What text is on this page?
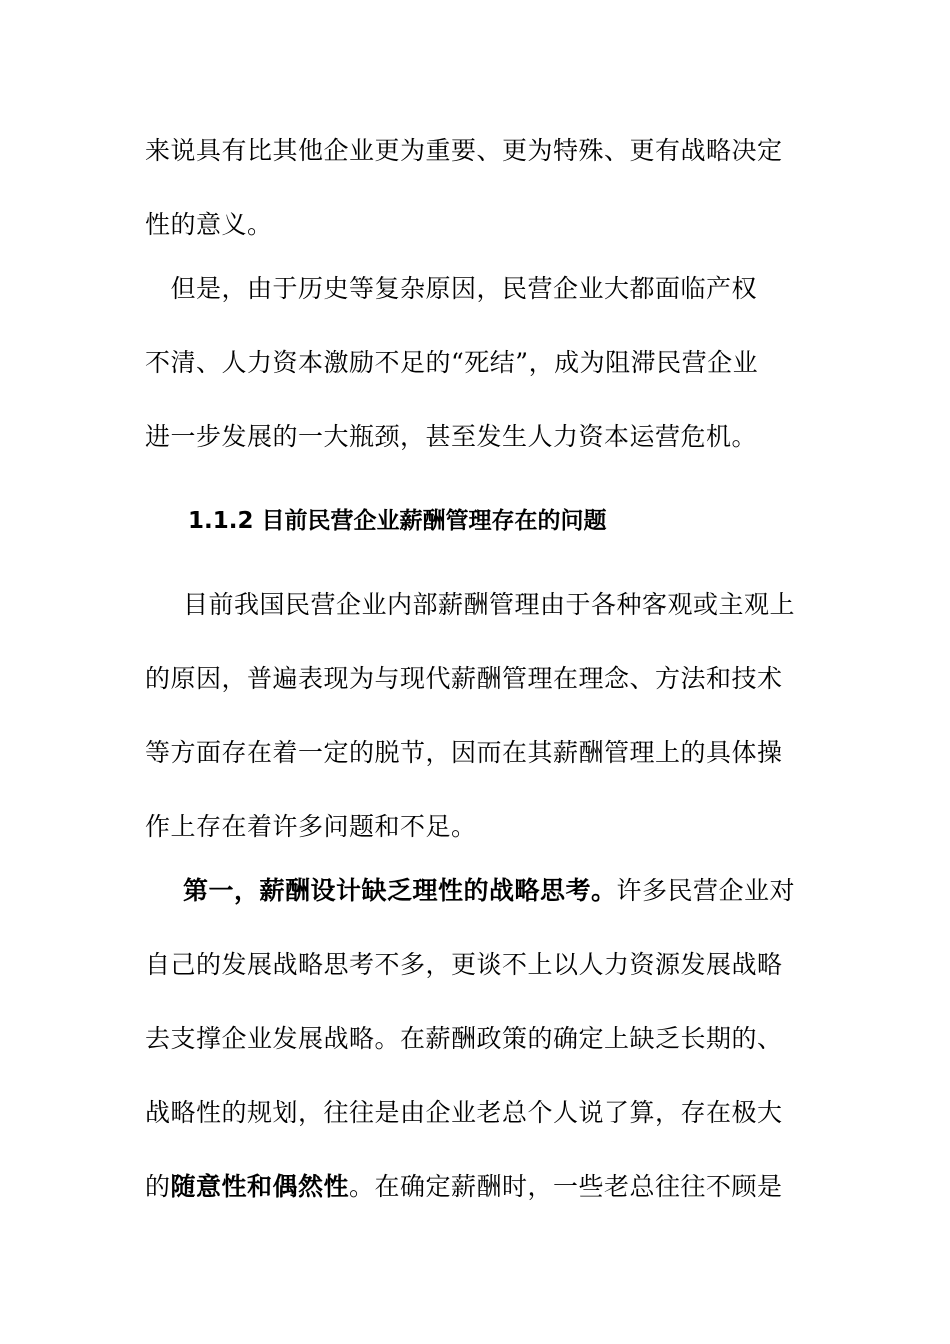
来说具有比其他企业更为重要、更为特殊、更有战略决定
性的意义。
　但是，由于历史等复杂原因，民营企业大都面临产权
不清、人力资本激励不足的“死结”，成为阻滞民营企业
进一步发展的一大瓶颈，甚至发生人力资本运营危机。
1.1.2 目前民营企业薪酬管理存在的问题
目前我国民营企业内部薪酬管理由于各种客观或主观上
的原因，普遍表现为与现代薪酬管理在理念、方法和技术
等方面存在着一定的脱节，因而在其薪酬管理上的具体操
作上存在着许多问题和不足。
第一，薪酬设计缺乏理性的战略思考。许多民营企业对
自己的发展战略思考不多，更谈不上以人力资源发展战略
去支撑企业发展战略。在薪酬政策的确定上缺乏长期的、
战略性的规划，往往是由企业老总个人说了算，存在极大
的随意性和偶然性。在确定薪酬时，一些老总往往不顾是
